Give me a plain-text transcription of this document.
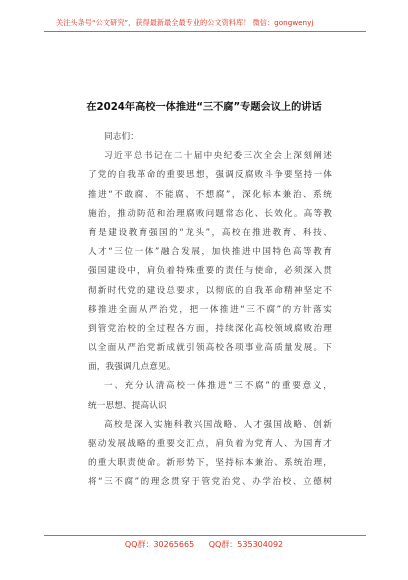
关注头条号“公文研究”，获得最新最全最专业的公文资料库！ 微信：gongwenyj
在2024年高校一体推进“三不腐”专题会议上的讲话
同志们：
习近平总书记在二十届中央纪委三次全会上深刻阐述
了党的自我革命的重要思想，强调反腐败斗争要坚持一体
推进“不敢腐、不能腐、不想腐”，深化标本兼治、系统
施治，推动防范和治理腐败问题常态化、长效化。高等教
育是建设教育强国的“龙头”，高校在推进教育、科技、
人才“三位一体”融合发展，加快推进中国特色高等教育
强国建设中，肩负着特殊重要的责任与使命，必须深入贯
彻新时代党的建设总要求，以彻底的自我革命精神坚定不
移推进全面从严治党，把一体推进“三不腐”的方针落实
到管党治校的全过程各方面，持续深化高校领域腐败治理
以全面从严治党新成就引领高校各项事业高质量发展。下
面，我强调几点意见。
一、充分认清高校一体推进“三不腐”的重要意义，
统一思想、提高认识
高校是深入实施科教兴国战略、人才强国战略、创新
驱动发展战略的重要交汇点，肩负着为党育人、为国育才
的重大职责使命。新形势下，坚持标本兼治、系统治理，
将“三不腐”的理念贯穿于管党治党、办学治校、立德树
QQ群：30265665 QQ群：535304092
